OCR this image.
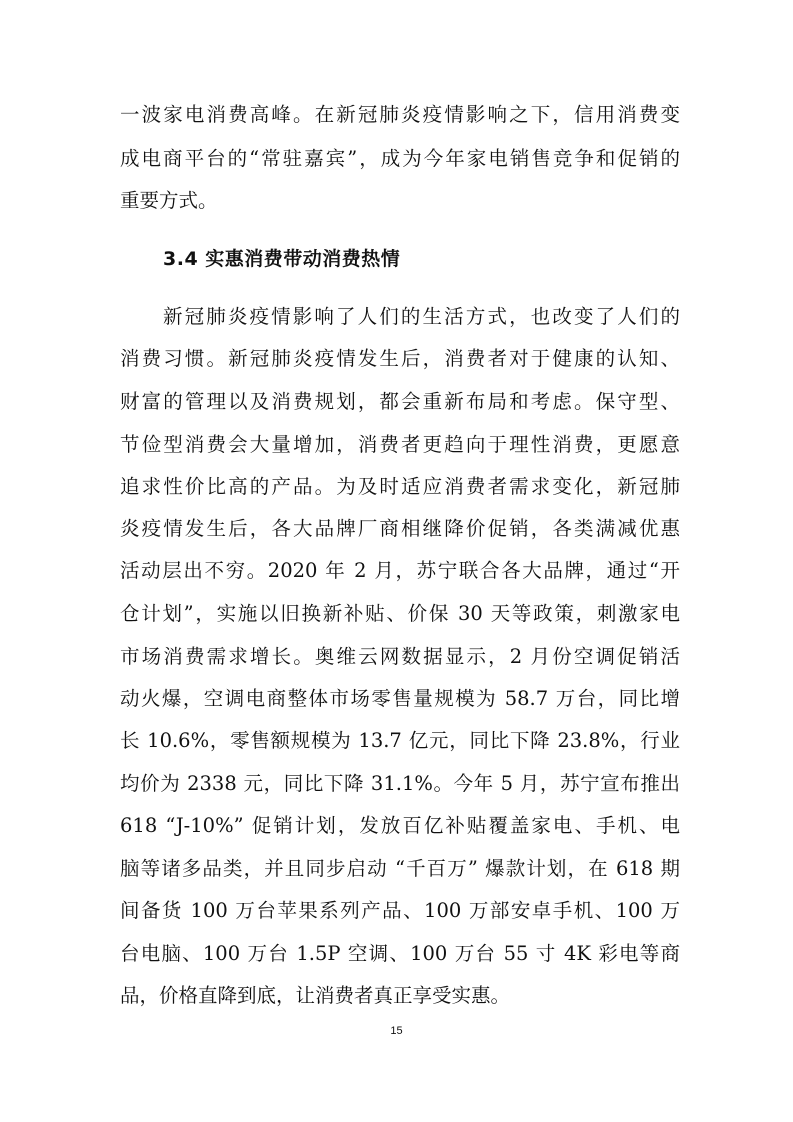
一波家电消费高峰。在新冠肺炎疫情影响之下，信用消费变
成电商平台的“常驻嘉宾”，成为今年家电销售竞争和促销的
重要方式。
3.4 实惠消费带动消费热情
新冠肺炎疫情影响了人们的生活方式，也改变了人们的
消费习惯。新冠肺炎疫情发生后，消费者对于健康的认知、
财富的管理以及消费规划，都会重新布局和考虑。保守型、
节俭型消费会大量增加，消费者更趋向于理性消费，更愿意
追求性价比高的产品。为及时适应消费者需求变化，新冠肺
炎疫情发生后，各大品牌厂商相继降价促销，各类满减优惠
活动层出不穷。2020 年 2 月，苏宁联合各大品牌，通过“开
仓计划”，实施以旧换新补贴、价保 30 天等政策，刺激家电
市场消费需求增长。奥维云网数据显示，2 月份空调促销活
动火爆，空调电商整体市场零售量规模为 58.7 万台，同比增
长 10.6%，零售额规模为 13.7 亿元，同比下降 23.8%，行业
均价为 2338 元，同比下降 31.1%。今年 5 月，苏宁宣布推出
618 “J-10%” 促销计划，发放百亿补贴覆盖家电、手机、电
脑等诸多品类，并且同步启动 “千百万” 爆款计划，在 618 期
间备货 100 万台苹果系列产品、100 万部安卓手机、100 万
台电脑、100 万台 1.5P 空调、100 万台 55 寸 4K 彩电等商
品，价格直降到底，让消费者真正享受实惠。
15
